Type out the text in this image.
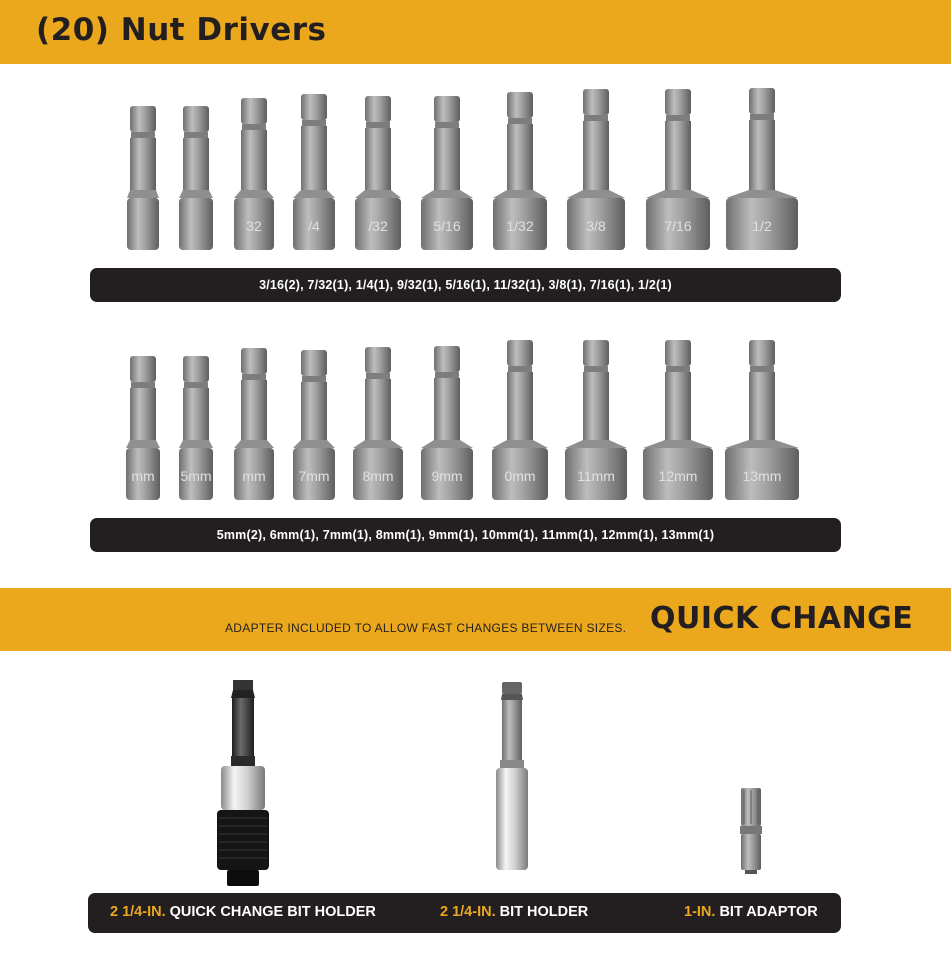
(20) Nut Drivers
32	/4	/32	5/16	1/32	3/8	7/16	1/2
3/16(2), 7/32(1), 1/4(1), 9/32(1), 5/16(1), 11/32(1), 3/8(1), 7/16(1), 1/2(1)
mm 5mm mm 7mm 8mm	9mm	0mm	11mm	12mm	13mm
5mm(2), 6mm(1), 7mm(1), 8mm(1), 9mm(1), 10mm(1), 11mm(1), 12mm(1), 13mm(1)
ADAPTER INCLUDED TO ALLOW FAST CHANGES BETWEEN SIZES. QUICK CHANGE
2 1/4-IN. QUICK CHANGE BIT HOLDER	2 1/4-IN. BIT HOLDER	1-IN. BIT ADAPTOR
